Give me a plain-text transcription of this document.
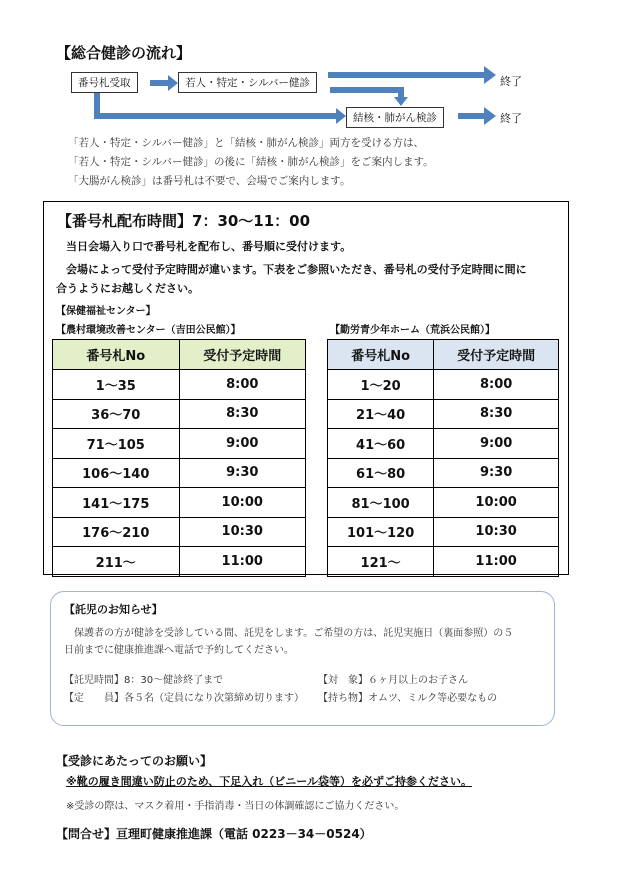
【総合健診の流れ】
番号札受取	若人・特定・シルバー健診
結核・肺がん検診
終了
終了
「若人・特定・シルバー健診」と「結核・肺がん検診」両方を受ける方は、
「若人・特定・シルバー健診」の後に「結核・肺がん検診」をご案内します。
「大腸がん検診」は番号札は不要で、会場でご案内します。
【番号札配布時間】7：30～11：00
当日会場入り口で番号札を配布し、番号順に受付けます。
会場によって受付予定時間が違います。下表をご参照いただき、番号札の受付予定時間に間に
合うようにお越しください。
【保健福祉センター】
【農村環境改善センター（吉田公民館）】	【勤労青少年ホーム（荒浜公民館）】
番号札No	受付予定時間
1～35	8:00
36～70	8:30
71～105	9:00
106～140	9:30
141～175	10:00
176～210	10:30
211～	11:00
番号札No	受付予定時間
1～20	8:00
21～40	8:30
41～60	9:00
61～80	9:30
81～100	10:00
101～120	10:30
121～	11:00
【託児のお知らせ】
保護者の方が健診を受診している間、託児をします。ご希望の方は、託児実施日（裏面参照）の５
日前までに健康推進課へ電話で予約してください。
【託児時間】8：30～健診終了まで	【対　象】６ヶ月以上のお子さん
【定　　員】各５名（定員になり次第締め切ります） 【持ち物】オムツ、ミルク等必要なもの
【受診にあたってのお願い】
※靴の履き間違い防止のため、下足入れ（ビニール袋等）を必ずご持参ください。
※受診の際は、マスク着用・手指消毒・当日の体調確認にご協力ください。
【問合せ】亘理町健康推進課（電話 0223－34－0524）
